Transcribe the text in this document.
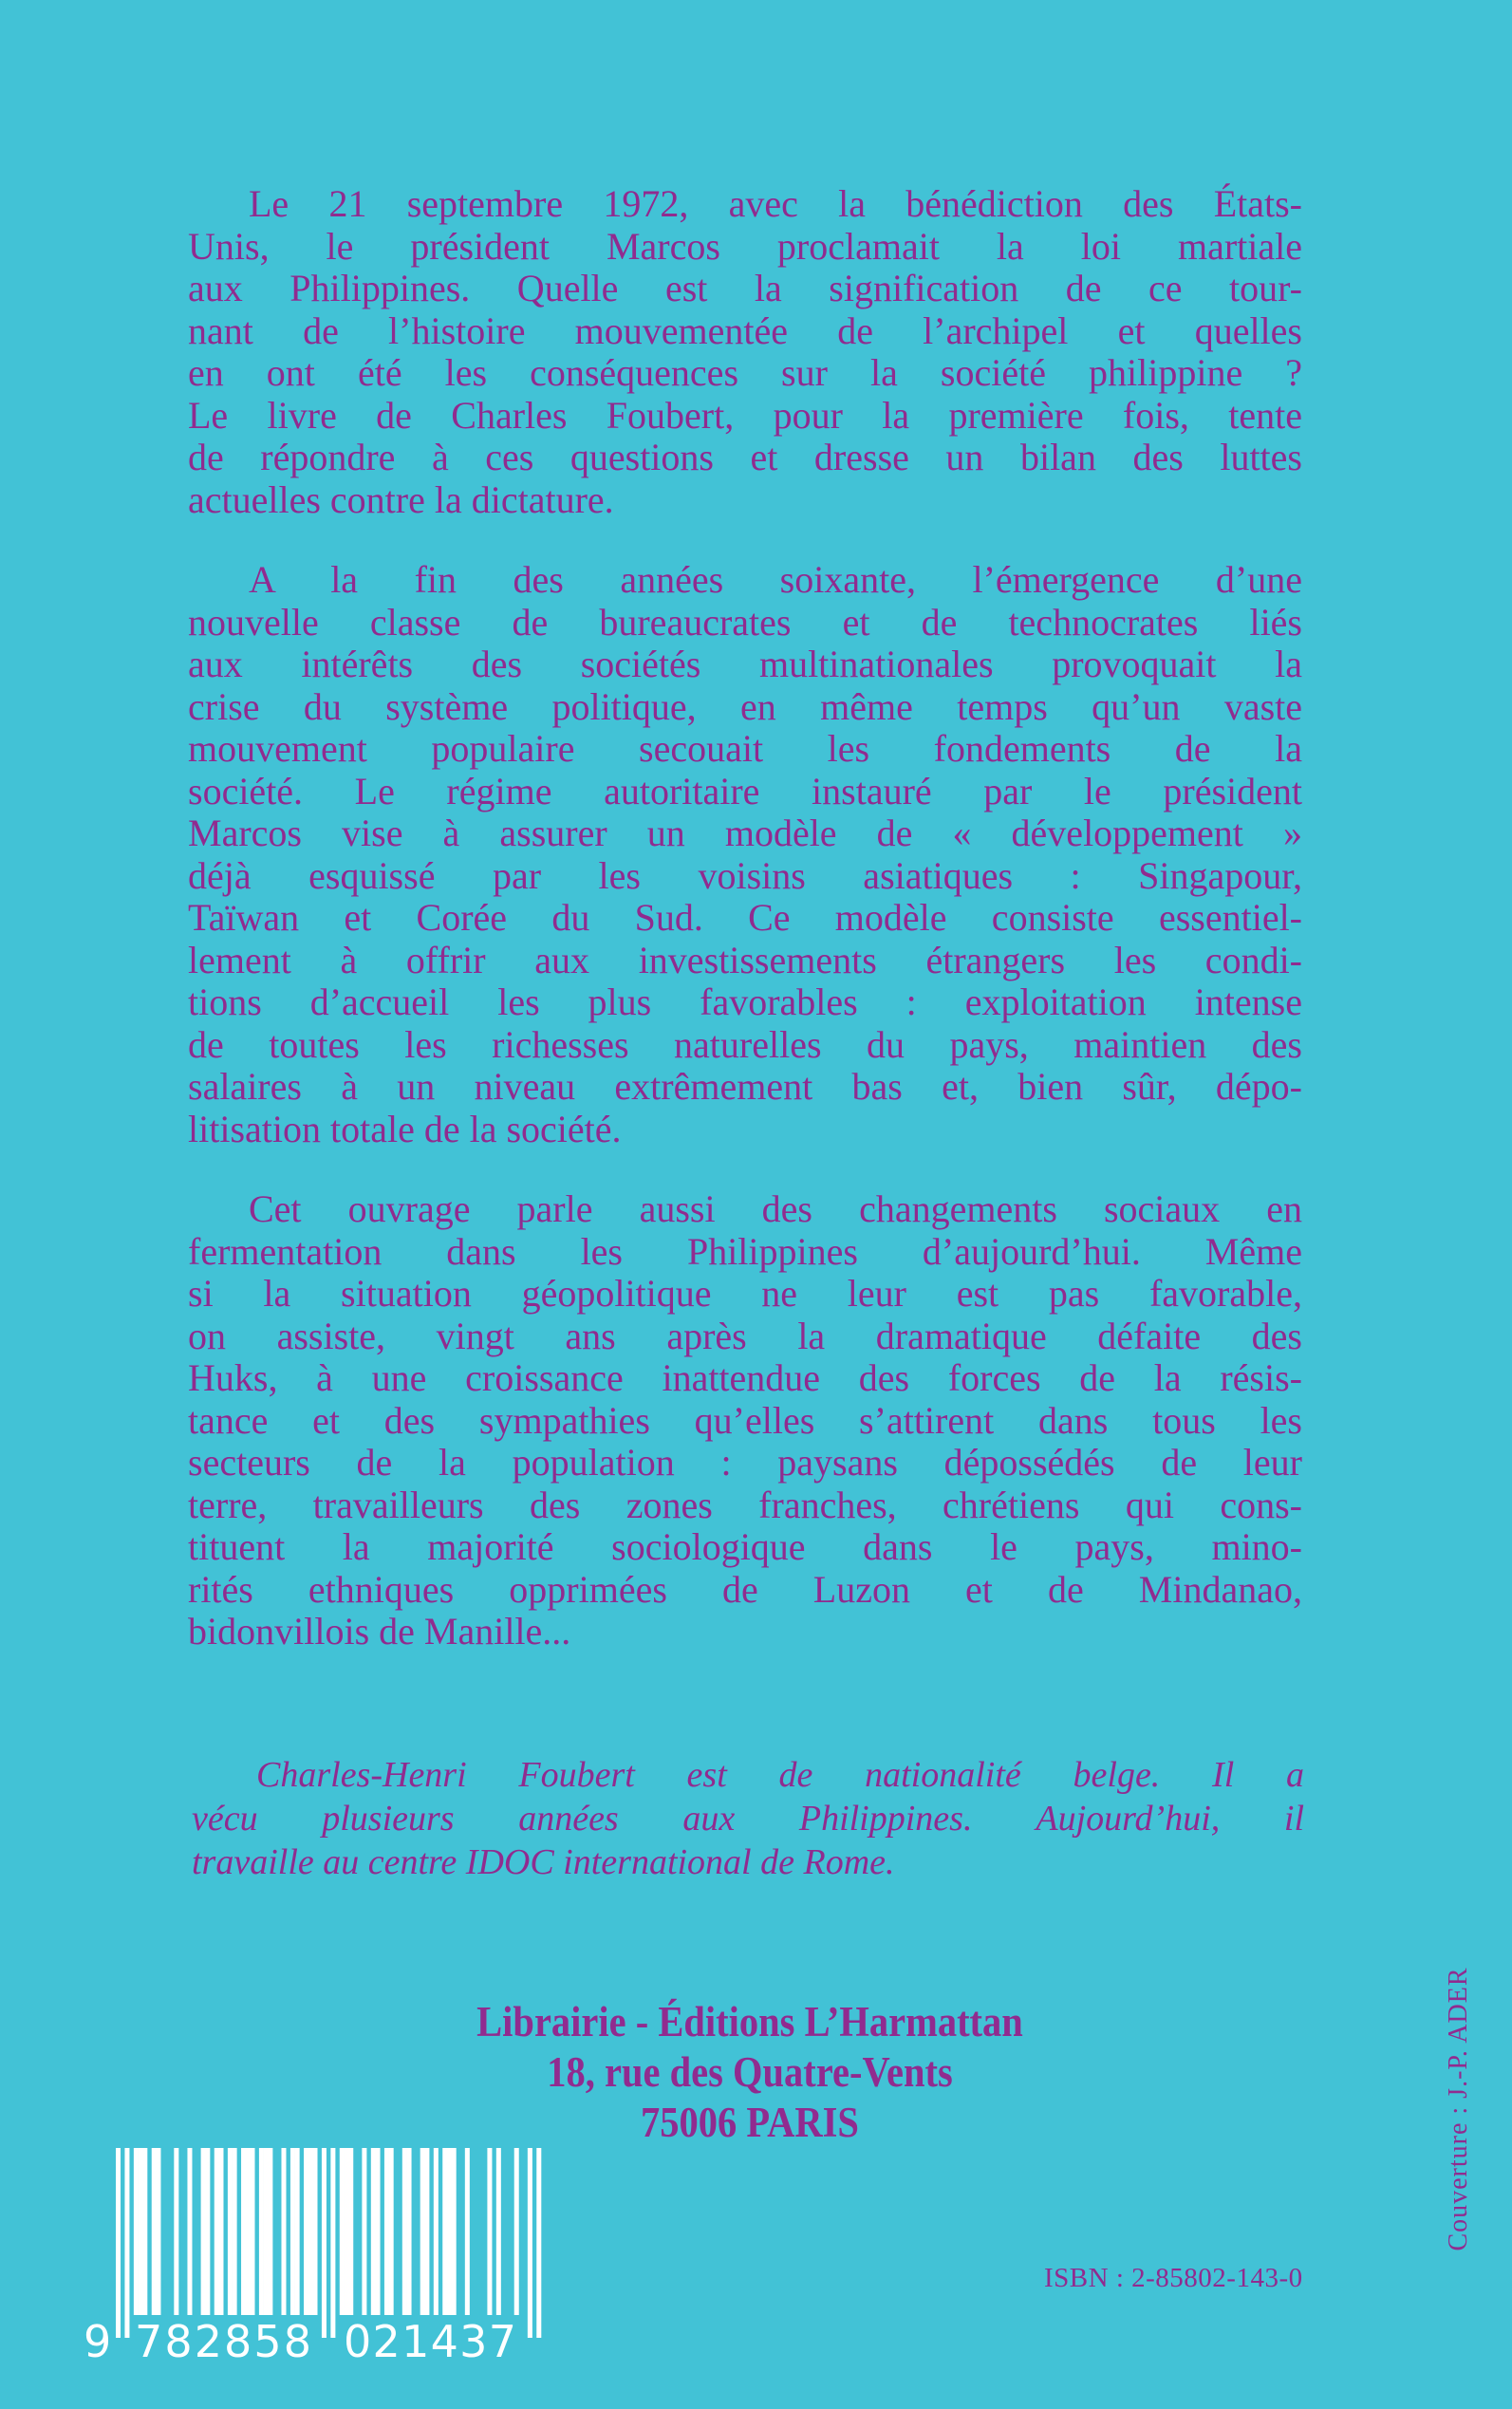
Le 21 septembre 1972, avec la bénédiction des États-
Unis, le président Marcos proclamait la loi martiale
aux Philippines. Quelle est la signification de ce tour-
nant de l’histoire mouvementée de l’archipel et quelles
en ont été les conséquences sur la société philippine ?
Le livre de Charles Foubert, pour la première fois, tente
de répondre à ces questions et dresse un bilan des luttes
actuelles contre la dictature.
A la fin des années soixante, l’émergence d’une
nouvelle classe de bureaucrates et de technocrates liés
aux intérêts des sociétés multinationales provoquait la
crise du système politique, en même temps qu’un vaste
mouvement populaire secouait les fondements de la
société. Le régime autoritaire instauré par le président
Marcos vise à assurer un modèle de « développement »
déjà esquissé par les voisins asiatiques : Singapour,
Taïwan et Corée du Sud. Ce modèle consiste essentiel-
lement à offrir aux investissements étrangers les condi-
tions d’accueil les plus favorables : exploitation intense
de toutes les richesses naturelles du pays, maintien des
salaires à un niveau extrêmement bas et, bien sûr, dépo-
litisation totale de la société.
Cet ouvrage parle aussi des changements sociaux en
fermentation dans les Philippines d’aujourd’hui. Même
si la situation géopolitique ne leur est pas favorable,
on assiste, vingt ans après la dramatique défaite des
Huks, à une croissance inattendue des forces de la résis-
tance et des sympathies qu’elles s’attirent dans tous les
secteurs de la population : paysans dépossédés de leur
terre, travailleurs des zones franches, chrétiens qui cons-
tituent la majorité sociologique dans le pays, mino-
rités ethniques opprimées de Luzon et de Mindanao,
bidonvillois de Manille...
Charles-Henri Foubert est de nationalité belge. Il a
vécu plusieurs années aux Philippines. Aujourd’hui, il
travaille au centre IDOC international de Rome.
Librairie - Éditions L’Harmattan
18, rue des Quatre-Vents
75006 PARIS
ISBN : 2-85802-143-0
Couverture : J.-P. ADER
9 782858 021437
